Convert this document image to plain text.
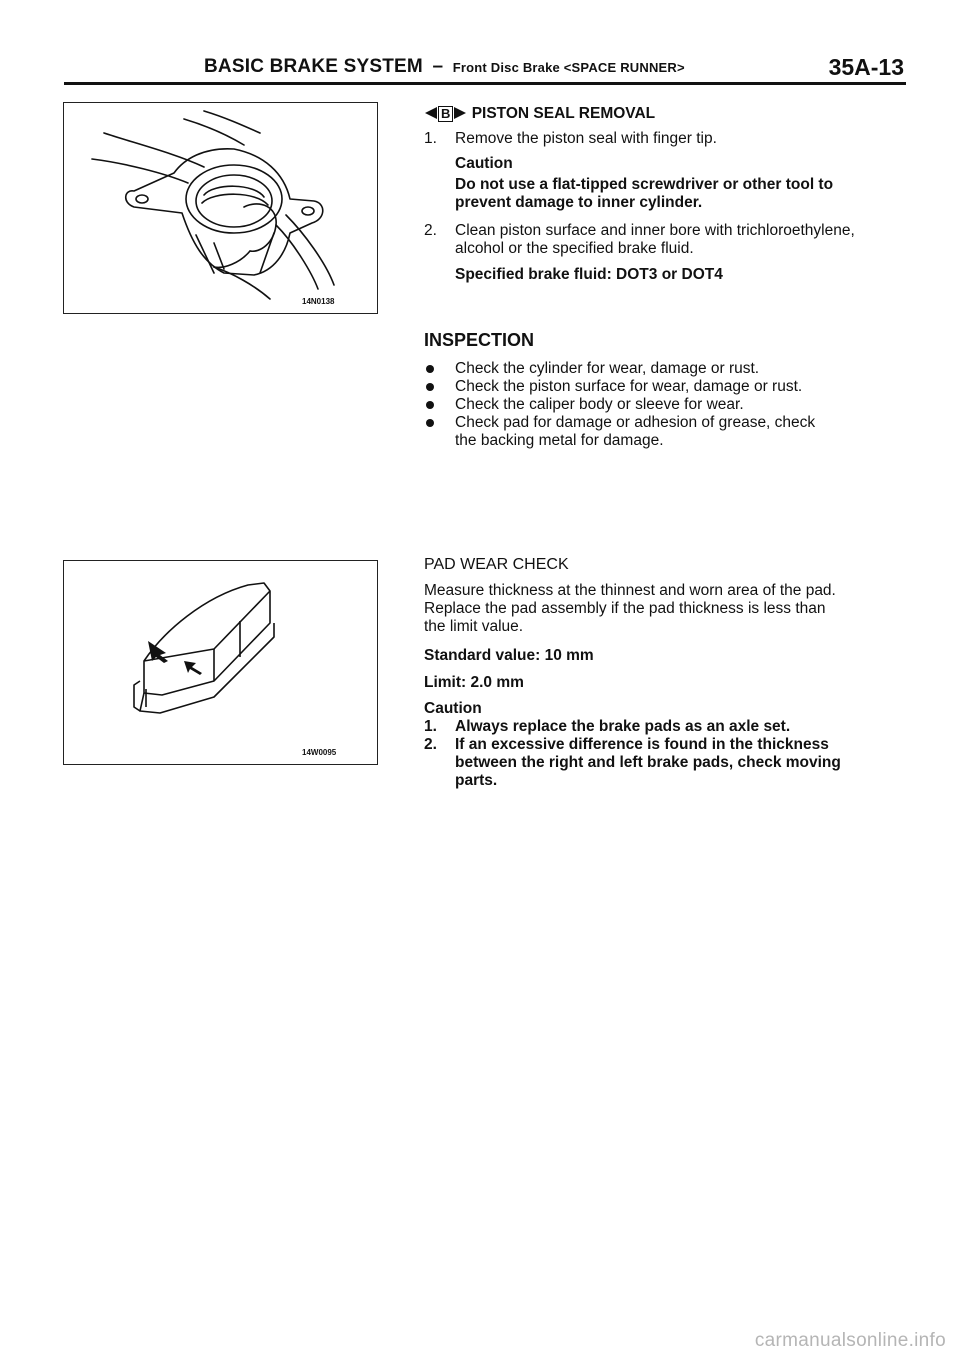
BASIC BRAKE SYSTEM – Front Disc Brake <SPACE RUNNER>	35A-13
14N0138
14W0095
B PISTON SEAL REMOVAL
1.	Remove the piston seal with finger tip.
Caution
Do not use a flat-tipped screwdriver or other tool to
prevent damage to inner cylinder.
2. Clean piston surface and inner bore with trichloroethylene,
alcohol or the specified brake fluid.
Specified brake fluid: DOT3 or DOT4
INSPECTION
Check the cylinder for wear, damage or rust.
Check the piston surface for wear, damage or rust.
Check the caliper body or sleeve for wear.
Check pad for damage or adhesion of grease, check
the backing metal for damage.
PAD WEAR CHECK
Measure thickness at the thinnest and worn area of the pad.
Replace the pad assembly if the pad thickness is less than
the limit value.
Standard value: 10 mm
Limit: 2.0 mm
Caution
1. Always replace the brake pads as an axle set.
2. If an excessive difference is found in the thickness
between the right and left brake pads, check moving
parts.
carmanualsonline.info
